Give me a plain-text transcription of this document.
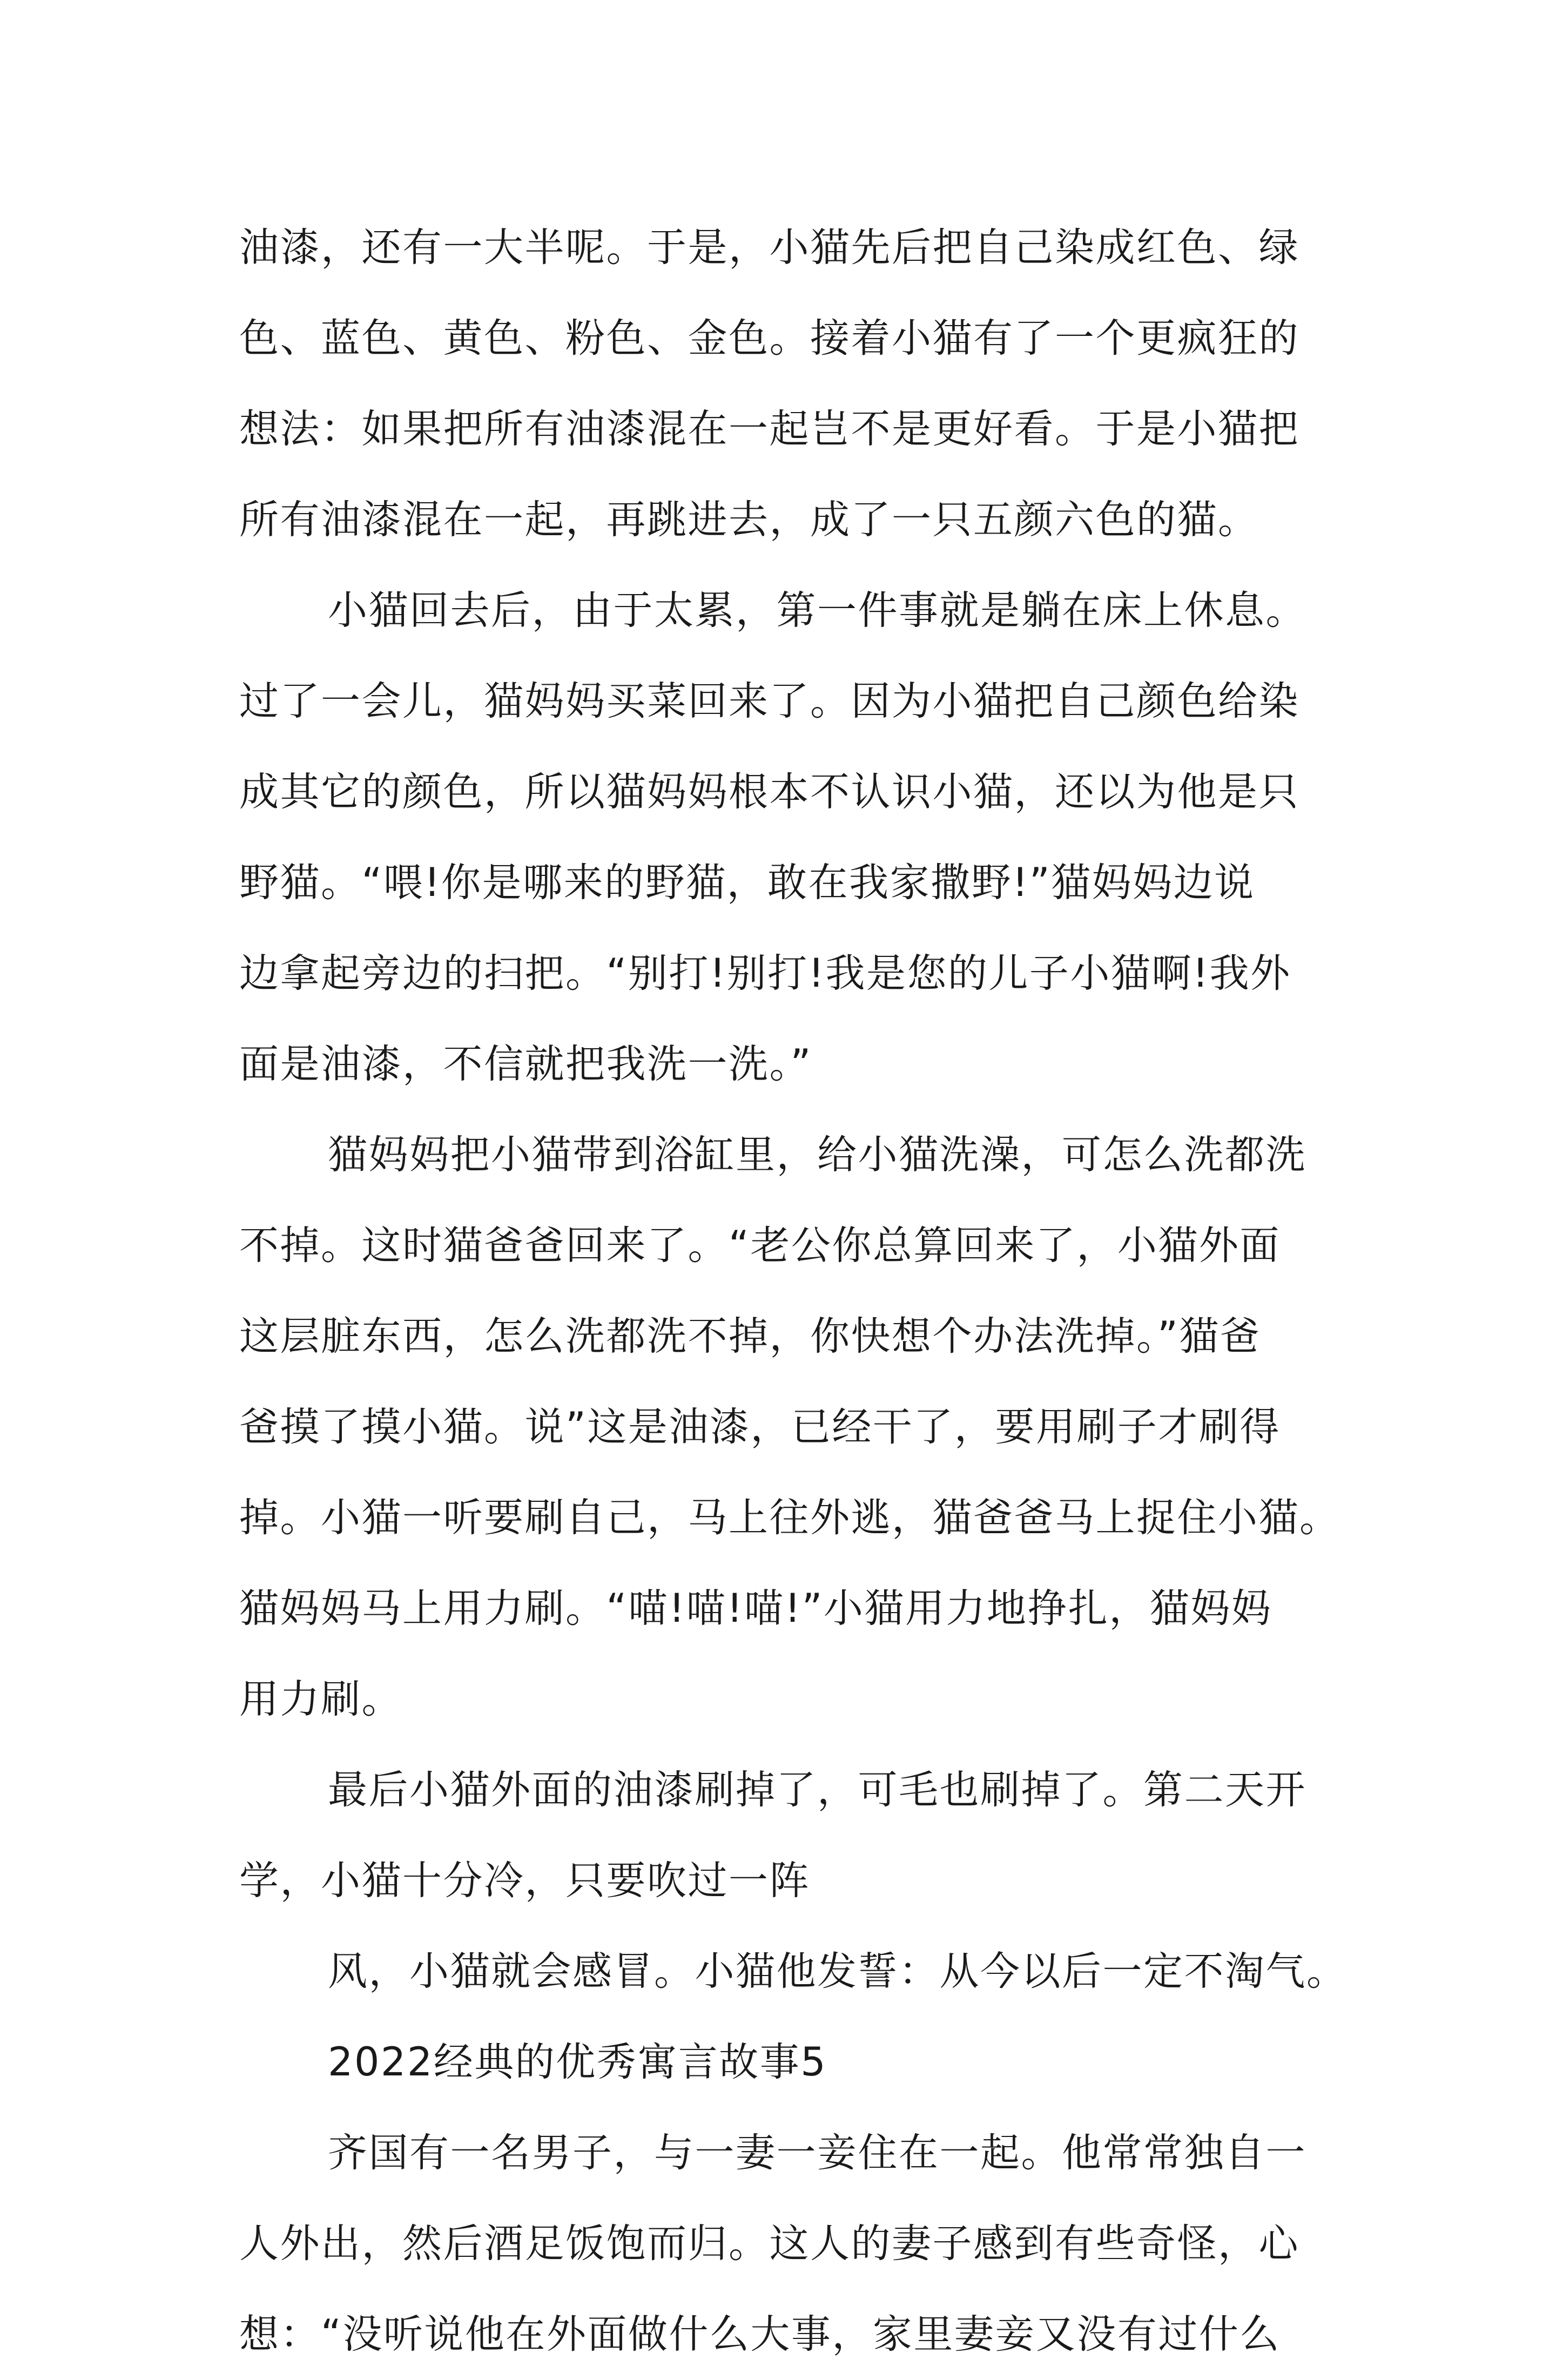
油漆，还有一大半呢。于是，小猫先后把自己染成红色、绿
色、蓝色、黄色、粉色、金色。接着小猫有了一个更疯狂的
想法：如果把所有油漆混在一起岂不是更好看。于是小猫把
所有油漆混在一起，再跳进去，成了一只五颜六色的猫。
小猫回去后，由于太累，第一件事就是躺在床上休息。
过了一会儿，猫妈妈买菜回来了。因为小猫把自己颜色给染
成其它的颜色，所以猫妈妈根本不认识小猫，还以为他是只
野猫。“喂!你是哪来的野猫，敢在我家撒野!”猫妈妈边说
边拿起旁边的扫把。“别打!别打!我是您的儿子小猫啊!我外
面是油漆，不信就把我洗一洗。”
猫妈妈把小猫带到浴缸里，给小猫洗澡，可怎么洗都洗
不掉。这时猫爸爸回来了。“老公你总算回来了，小猫外面
这层脏东西，怎么洗都洗不掉，你快想个办法洗掉。”猫爸
爸摸了摸小猫。说”这是油漆，已经干了，要用刷子才刷得
掉。小猫一听要刷自己，马上往外逃，猫爸爸马上捉住小猫。
猫妈妈马上用力刷。“喵!喵!喵!”小猫用力地挣扎，猫妈妈
用力刷。
最后小猫外面的油漆刷掉了，可毛也刷掉了。第二天开
学，小猫十分冷，只要吹过一阵
风，小猫就会感冒。小猫他发誓：从今以后一定不淘气。
2022经典的优秀寓言故事5
齐国有一名男子，与一妻一妾住在一起。他常常独自一
人外出，然后酒足饭饱而归。这人的妻子感到有些奇怪，心
想：“没听说他在外面做什么大事，家里妻妾又没有过什么
